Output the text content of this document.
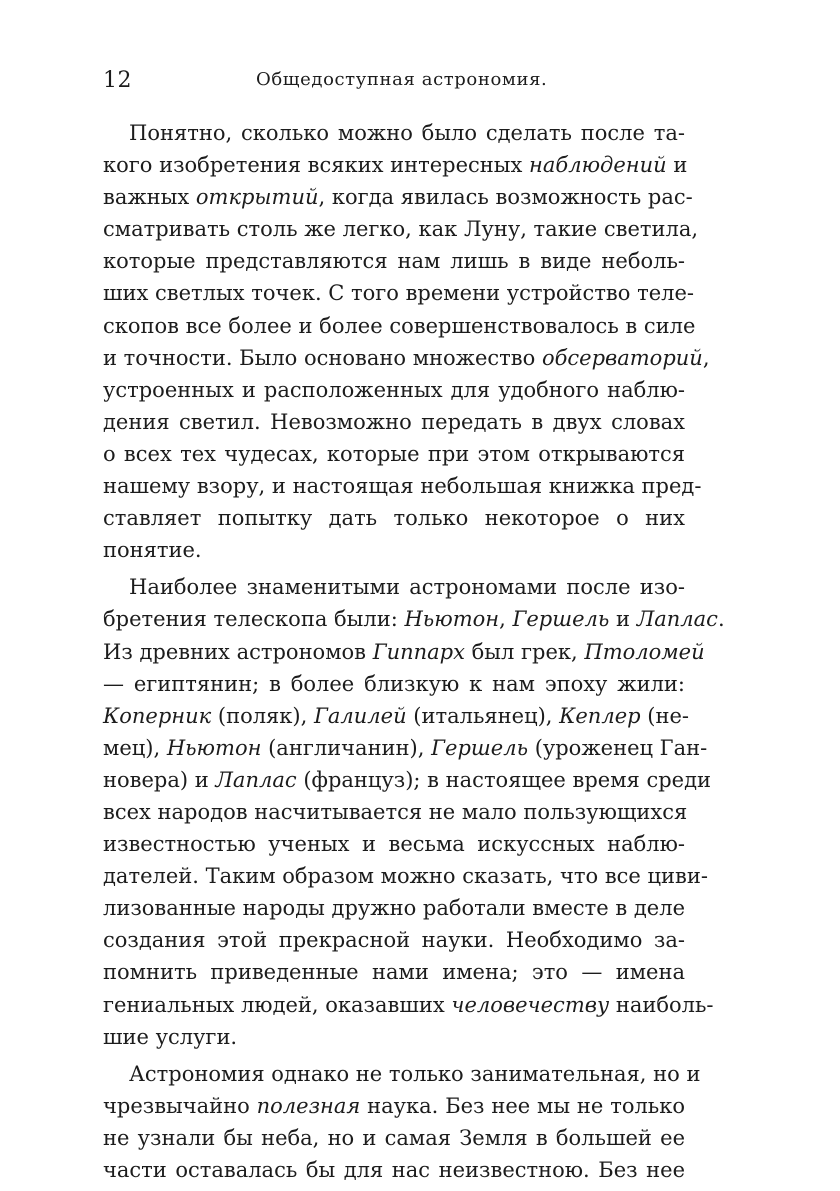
12	Общедоступная астрономия.
Понятно, сколько можно было сделать после та-
кого изобретения всяких интересных наблюдений и
важных открытий, когда явилась возможность рас-
сматривать столь же легко, как Луну, такие светила,
которые представляются нам лишь в виде неболь-
ших светлых точек. С того времени устройство теле-
скопов все более и более совершенствовалось в силе
и точности. Было основано множество обсерваторий,
устроенных и расположенных для удобного наблю-
дения светил. Невозможно передать в двух словах
о всех тех чудесах, которые при этом открываются
нашему взору, и настоящая небольшая книжка пред-
ставляет попытку дать только некоторое о них
понятие.
Наиболее знаменитыми астрономами после изо-
бретения телескопа были: Ньютон, Гершель и Лаплас.
Из древних астрономов Гиппарх был грек, Птоломей
— египтянин; в более близкую к нам эпоху жили:
Коперник (поляк), Галилей (итальянец), Кеплер (не-
мец), Ньютон (англичанин), Гершель (уроженец Ган-
новера) и Лаплас (француз); в настоящее время среди
всех народов насчитывается не мало пользующихся
известностью ученых и весьма искуссных наблю-
дателей. Таким образом можно сказать, что все циви-
лизованные народы дружно работали вместе в деле
создания этой прекрасной науки. Необходимо за-
помнить приведенные нами имена; это — имена
гениальных людей, оказавших человечеству наиболь-
шие услуги.
Астрономия однако не только занимательная, но и
чрезвычайно полезная наука. Без нее мы не только
не узнали бы неба, но и самая Земля в большей ее
части оставалась бы для нас неизвестною. Без нее
